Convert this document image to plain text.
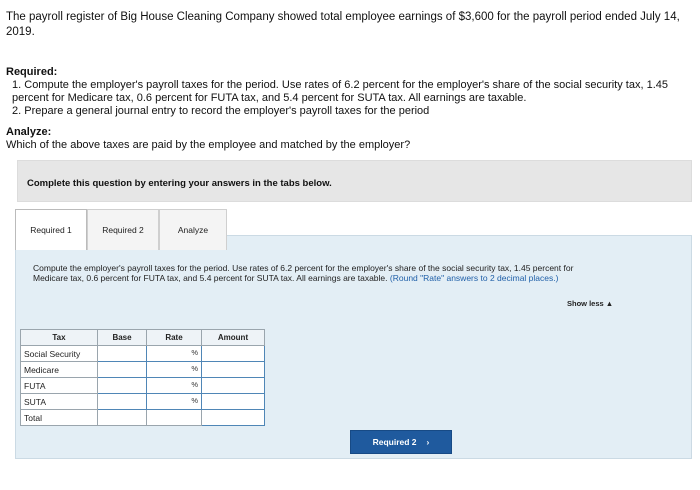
The payroll register of Big House Cleaning Company showed total employee earnings of $3,600 for the payroll period ended July 14, 2019.
Required:
1. Compute the employer's payroll taxes for the period. Use rates of 6.2 percent for the employer's share of the social security tax, 1.45 percent for Medicare tax, 0.6 percent for FUTA tax, and 5.4 percent for SUTA tax. All earnings are taxable.
2. Prepare a general journal entry to record the employer's payroll taxes for the period
Analyze:
Which of the above taxes are paid by the employee and matched by the employer?
Complete this question by entering your answers in the tabs below.
Required 1	Required 2	Analyze
Compute the employer's payroll taxes for the period. Use rates of 6.2 percent for the employer's share of the social security tax, 1.45 percent for Medicare tax, 0.6 percent for FUTA tax, and 5.4 percent for SUTA tax. All earnings are taxable. (Round "Rate" answers to 2 decimal places.)
Show less ▲
Tax	Base	Rate	Amount
Social Security		%	

Medicare		%	

FUTA		%	

SUTA		%	

Total			
Required 2 ›
